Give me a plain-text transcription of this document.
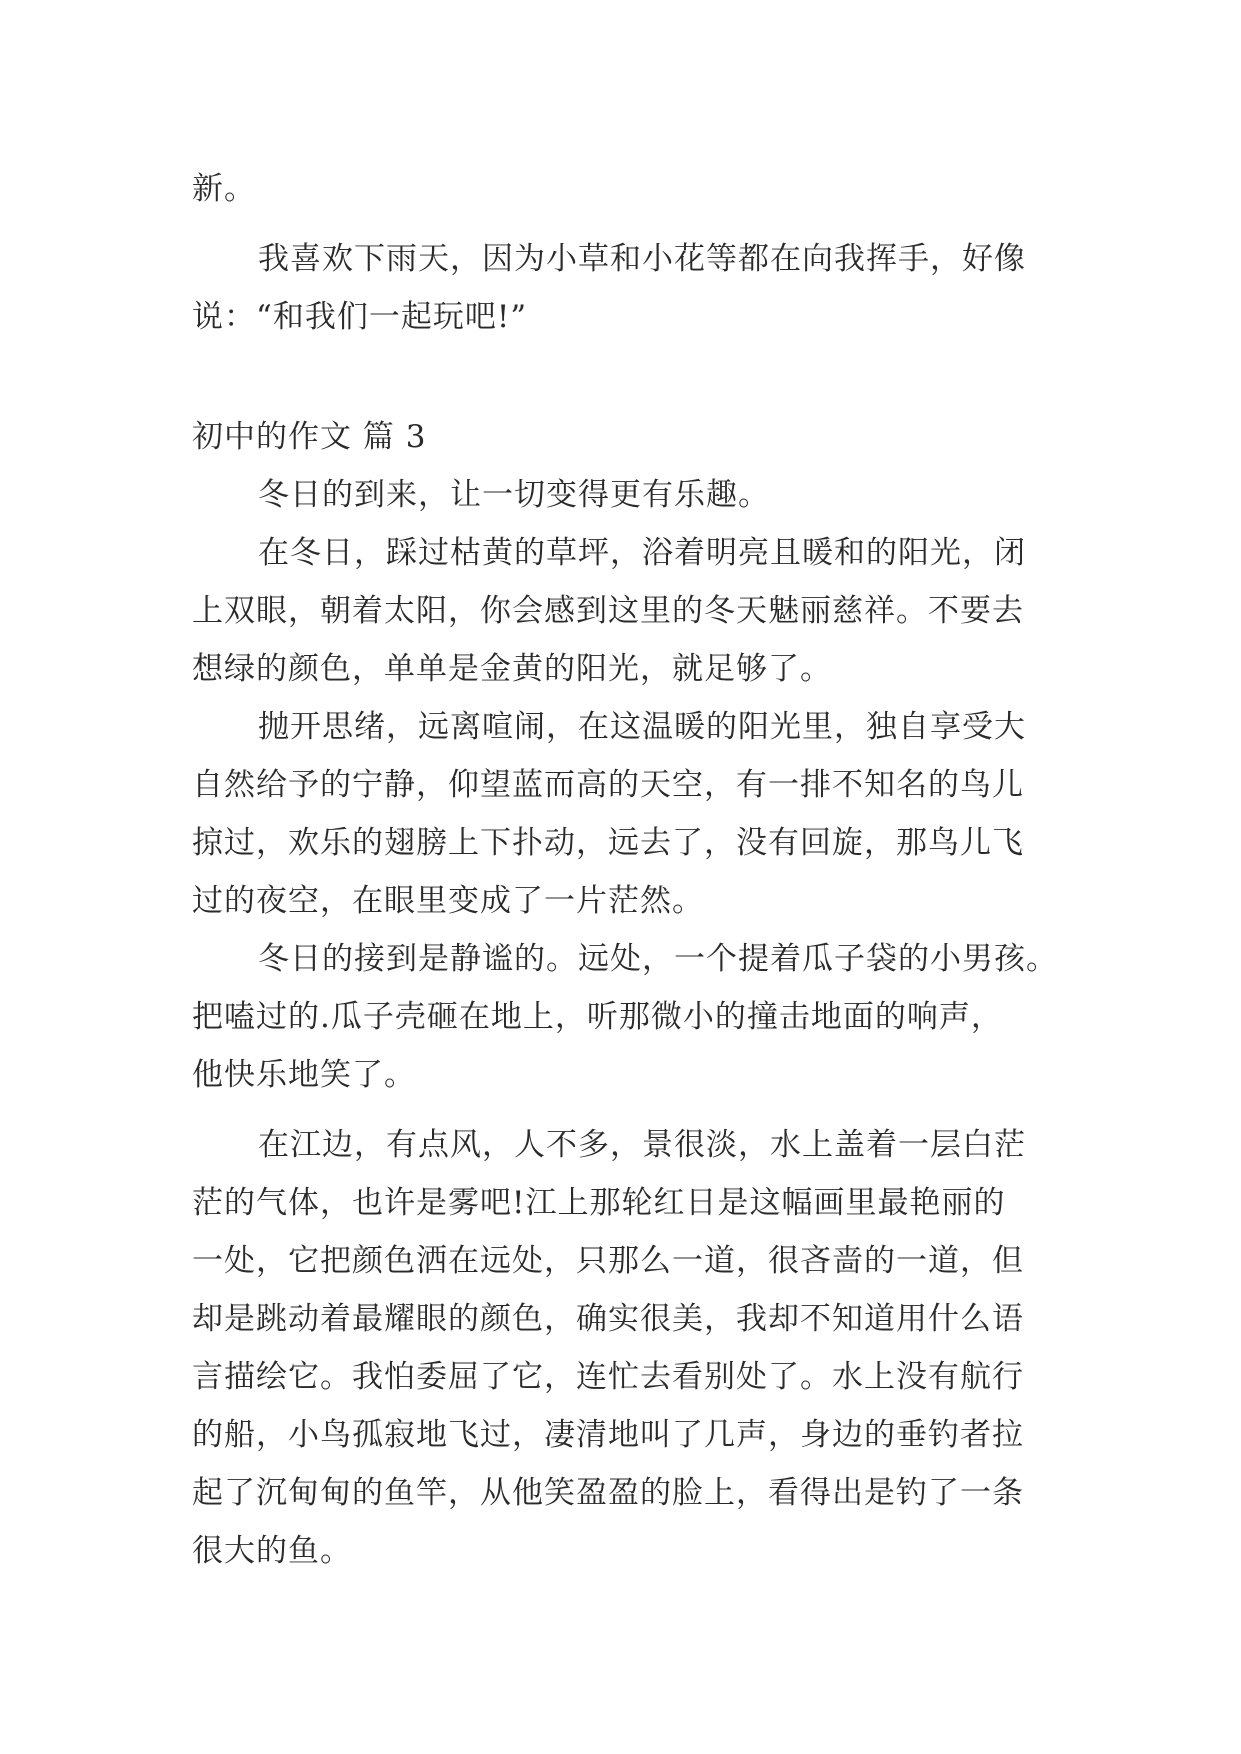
新。
我喜欢下雨天，因为小草和小花等都在向我挥手，好像
说：“和我们一起玩吧!”
初中的作文 篇 3
冬日的到来，让一切变得更有乐趣。
在冬日，踩过枯黄的草坪，浴着明亮且暖和的阳光，闭
上双眼，朝着太阳，你会感到这里的冬天魅丽慈祥。不要去
想绿的颜色，单单是金黄的阳光，就足够了。
抛开思绪，远离喧闹，在这温暖的阳光里，独自享受大
自然给予的宁静，仰望蓝而高的天空，有一排不知名的鸟儿
掠过，欢乐的翅膀上下扑动，远去了，没有回旋，那鸟儿飞
过的夜空，在眼里变成了一片茫然。
冬日的接到是静谧的。远处，一个提着瓜子袋的小男孩。
把嗑过的.瓜子壳砸在地上，听那微小的撞击地面的响声，
他快乐地笑了。
在江边，有点风，人不多，景很淡，水上盖着一层白茫
茫的气体，也许是雾吧!江上那轮红日是这幅画里最艳丽的
一处，它把颜色洒在远处，只那么一道，很吝啬的一道，但
却是跳动着最耀眼的颜色，确实很美，我却不知道用什么语
言描绘它。我怕委屈了它，连忙去看别处了。水上没有航行
的船，小鸟孤寂地飞过，凄清地叫了几声，身边的垂钓者拉
起了沉甸甸的鱼竿，从他笑盈盈的脸上，看得出是钓了一条
很大的鱼。
